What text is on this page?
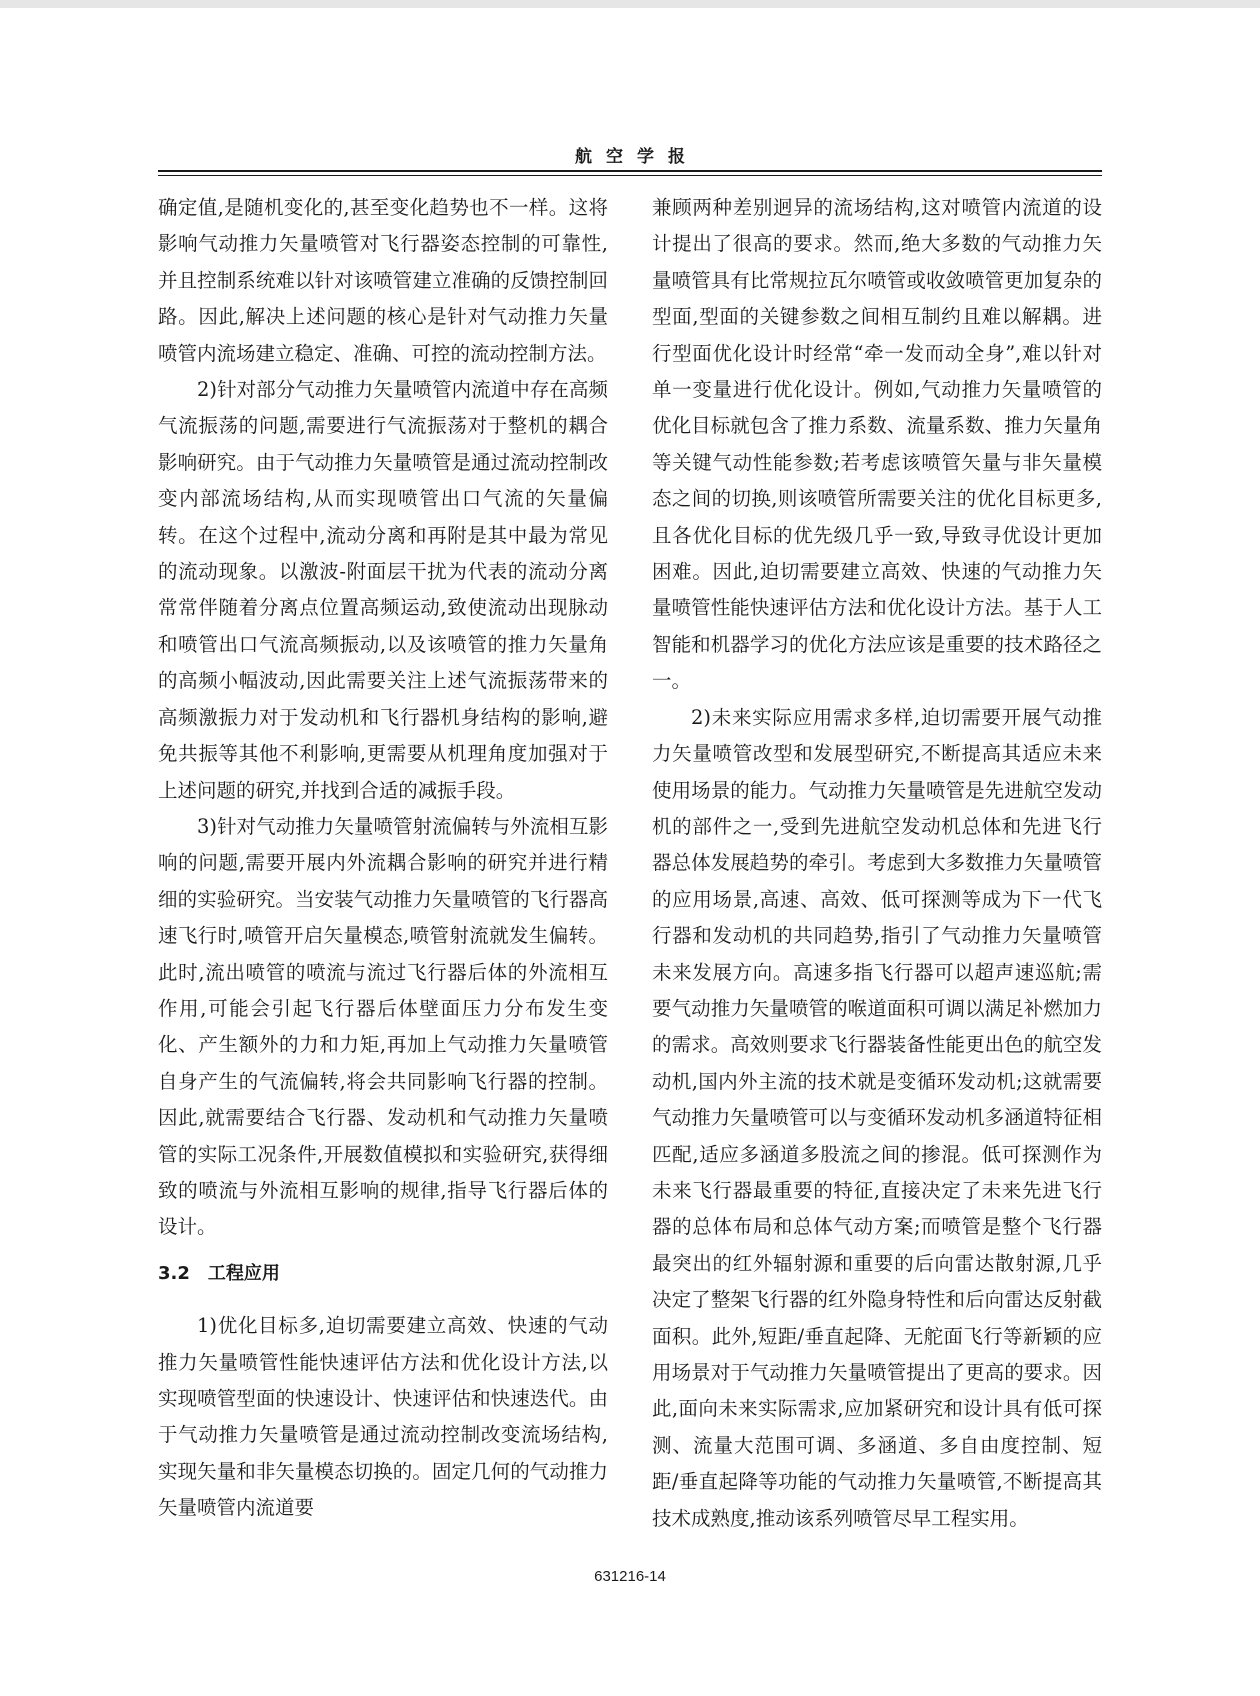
航空学报

确定值,是随机变化的,甚至变化趋势也不一样。这将影响气动推力矢量喷管对飞行器姿态控制的可靠性,并且控制系统难以针对该喷管建立准确的反馈控制回路。因此,解决上述问题的核心是针对气动推力矢量喷管内流场建立稳定、准确、可控的流动控制方法。

2)针对部分气动推力矢量喷管内流道中存在高频气流振荡的问题,需要进行气流振荡对于整机的耦合影响研究。由于气动推力矢量喷管是通过流动控制改变内部流场结构,从而实现喷管出口气流的矢量偏转。在这个过程中,流动分离和再附是其中最为常见的流动现象。以激波-附面层干扰为代表的流动分离常常伴随着分离点位置高频运动,致使流动出现脉动和喷管出口气流高频振动,以及该喷管的推力矢量角的高频小幅波动,因此需要关注上述气流振荡带来的高频激振力对于发动机和飞行器机身结构的影响,避免共振等其他不利影响,更需要从机理角度加强对于上述问题的研究,并找到合适的减振手段。

3)针对气动推力矢量喷管射流偏转与外流相互影响的问题,需要开展内外流耦合影响的研究并进行精细的实验研究。当安装气动推力矢量喷管的飞行器高速飞行时,喷管开启矢量模态,喷管射流就发生偏转。此时,流出喷管的喷流与流过飞行器后体的外流相互作用,可能会引起飞行器后体壁面压力分布发生变化、产生额外的力和力矩,再加上气动推力矢量喷管自身产生的气流偏转,将会共同影响飞行器的控制。因此,就需要结合飞行器、发动机和气动推力矢量喷管的实际工况条件,开展数值模拟和实验研究,获得细致的喷流与外流相互影响的规律,指导飞行器后体的设计。

3.2 工程应用

1)优化目标多,迫切需要建立高效、快速的气动推力矢量喷管性能快速评估方法和优化设计方法,以实现喷管型面的快速设计、快速评估和快速迭代。由于气动推力矢量喷管是通过流动控制改变流场结构,实现矢量和非矢量模态切换的。固定几何的气动推力矢量喷管内流道要

兼顾两种差别迥异的流场结构,这对喷管内流道的设计提出了很高的要求。然而,绝大多数的气动推力矢量喷管具有比常规拉瓦尔喷管或收敛喷管更加复杂的型面,型面的关键参数之间相互制约且难以解耦。进行型面优化设计时经常“牵一发而动全身”,难以针对单一变量进行优化设计。例如,气动推力矢量喷管的优化目标就包含了推力系数、流量系数、推力矢量角等关键气动性能参数;若考虑该喷管矢量与非矢量模态之间的切换,则该喷管所需要关注的优化目标更多,且各优化目标的优先级几乎一致,导致寻优设计更加困难。因此,迫切需要建立高效、快速的气动推力矢量喷管性能快速评估方法和优化设计方法。基于人工智能和机器学习的优化方法应该是重要的技术路径之一。

2)未来实际应用需求多样,迫切需要开展气动推力矢量喷管改型和发展型研究,不断提高其适应未来使用场景的能力。气动推力矢量喷管是先进航空发动机的部件之一,受到先进航空发动机总体和先进飞行器总体发展趋势的牵引。考虑到大多数推力矢量喷管的应用场景,高速、高效、低可探测等成为下一代飞行器和发动机的共同趋势,指引了气动推力矢量喷管未来发展方向。高速多指飞行器可以超声速巡航;需要气动推力矢量喷管的喉道面积可调以满足补燃加力的需求。高效则要求飞行器装备性能更出色的航空发动机,国内外主流的技术就是变循环发动机;这就需要气动推力矢量喷管可以与变循环发动机多涵道特征相匹配,适应多涵道多股流之间的掺混。低可探测作为未来飞行器最重要的特征,直接决定了未来先进飞行器的总体布局和总体气动方案;而喷管是整个飞行器最突出的红外辐射源和重要的后向雷达散射源,几乎决定了整架飞行器的红外隐身特性和后向雷达反射截面积。此外,短距/垂直起降、无舵面飞行等新颖的应用场景对于气动推力矢量喷管提出了更高的要求。因此,面向未来实际需求,应加紧研究和设计具有低可探测、流量大范围可调、多涵道、多自由度控制、短距/垂直起降等功能的气动推力矢量喷管,不断提高其技术成熟度,推动该系列喷管尽早工程实用。

631216-14
